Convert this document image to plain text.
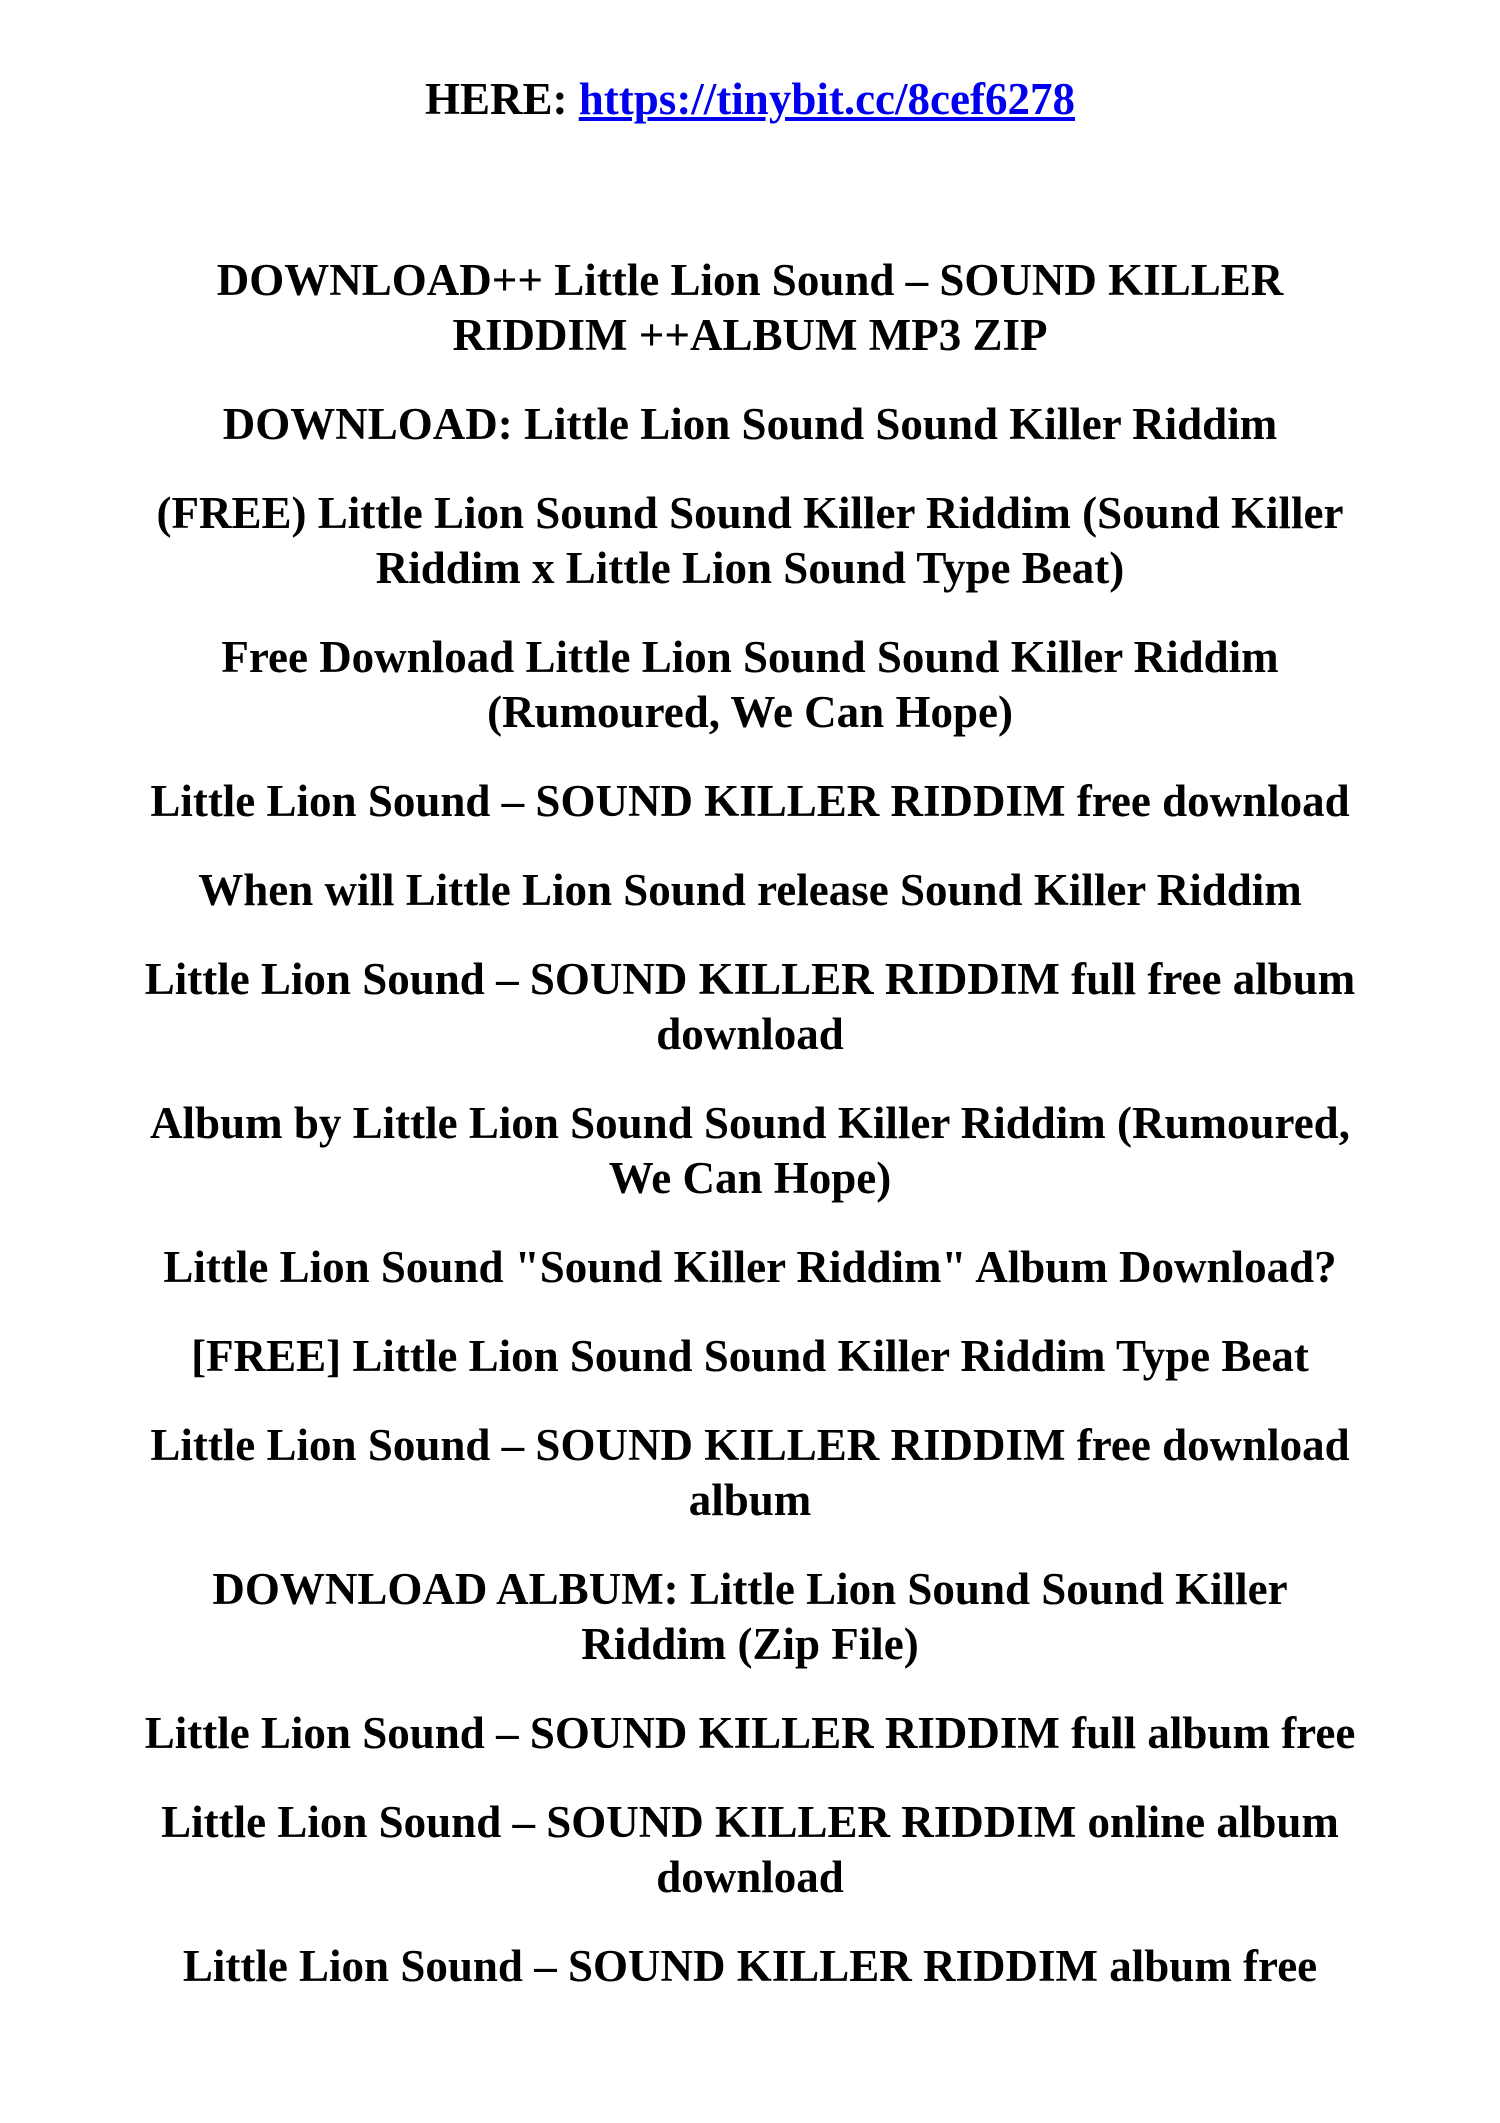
HERE: https://tinybit.cc/8cef6278
DOWNLOAD++ Little Lion Sound – SOUND KILLER
RIDDIM ++ALBUM MP3 ZIP
DOWNLOAD: Little Lion Sound Sound Killer Riddim
(FREE) Little Lion Sound Sound Killer Riddim (Sound Killer
Riddim x Little Lion Sound Type Beat)
Free Download Little Lion Sound Sound Killer Riddim
(Rumoured, We Can Hope)
Little Lion Sound – SOUND KILLER RIDDIM free download
When will Little Lion Sound release Sound Killer Riddim
Little Lion Sound – SOUND KILLER RIDDIM full free album
download
Album by Little Lion Sound Sound Killer Riddim (Rumoured,
We Can Hope)
Little Lion Sound "Sound Killer Riddim" Album Download?
[FREE] Little Lion Sound Sound Killer Riddim Type Beat
Little Lion Sound – SOUND KILLER RIDDIM free download
album
DOWNLOAD ALBUM: Little Lion Sound Sound Killer
Riddim (Zip File)
Little Lion Sound – SOUND KILLER RIDDIM full album free
Little Lion Sound – SOUND KILLER RIDDIM online album
download
Little Lion Sound – SOUND KILLER RIDDIM album free
